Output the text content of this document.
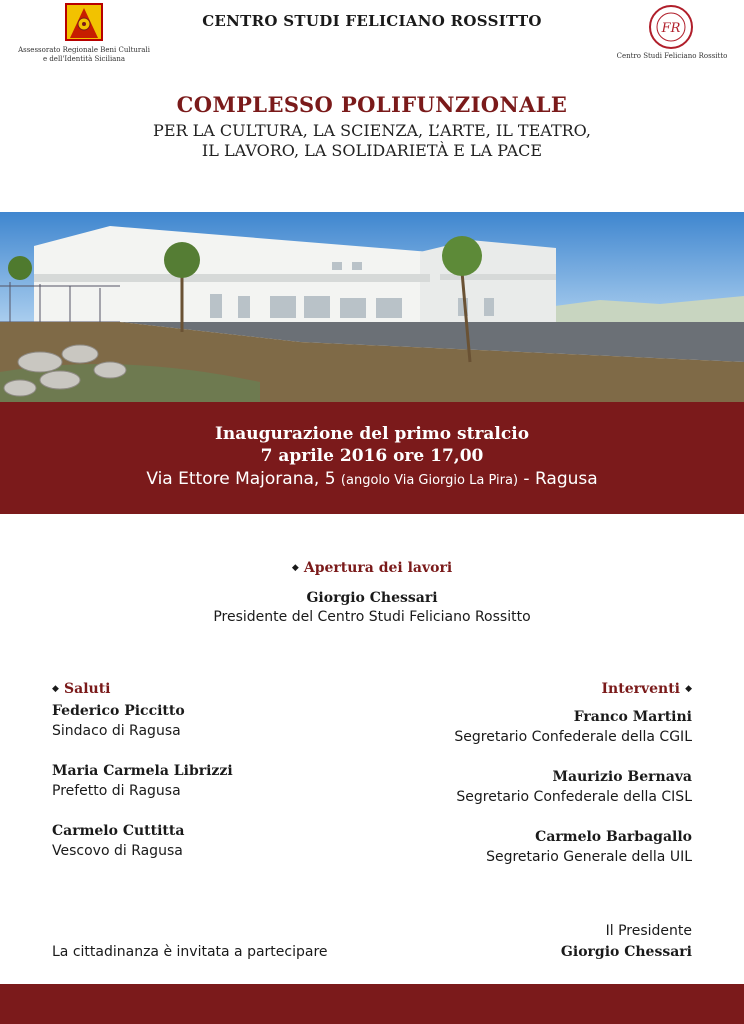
Assessorato Regionale Beni Culturali
e dell'Identità Siciliana
CENTRO STUDI FELICIANO ROSSITTO	FR
Centro Studi Feliciano Rossitto
COMPLESSO POLIFUNZIONALE
PER LA CULTURA, LA SCIENZA, L’ARTE, IL TEATRO,
IL LAVORO, LA SOLIDARIETÀ E LA PACE
Inaugurazione del primo stralcio
7 aprile 2016 ore 17,00
Via Ettore Majorana, 5 (angolo Via Giorgio La Pira) - Ragusa
◆ Apertura dei lavori
Giorgio Chessari
Presidente del Centro Studi Feliciano Rossitto
◆ Saluti
Federico Piccitto
Sindaco di Ragusa
Maria Carmela Librizzi
Prefetto di Ragusa
Carmelo Cuttitta
Vescovo di Ragusa
Interventi ◆
Franco Martini
Segretario Confederale della CGIL
Maurizio Bernava
Segretario Confederale della CISL
Carmelo Barbagallo
Segretario Generale della UIL
La cittadinanza è invitata a partecipare
Il Presidente
Giorgio Chessari
